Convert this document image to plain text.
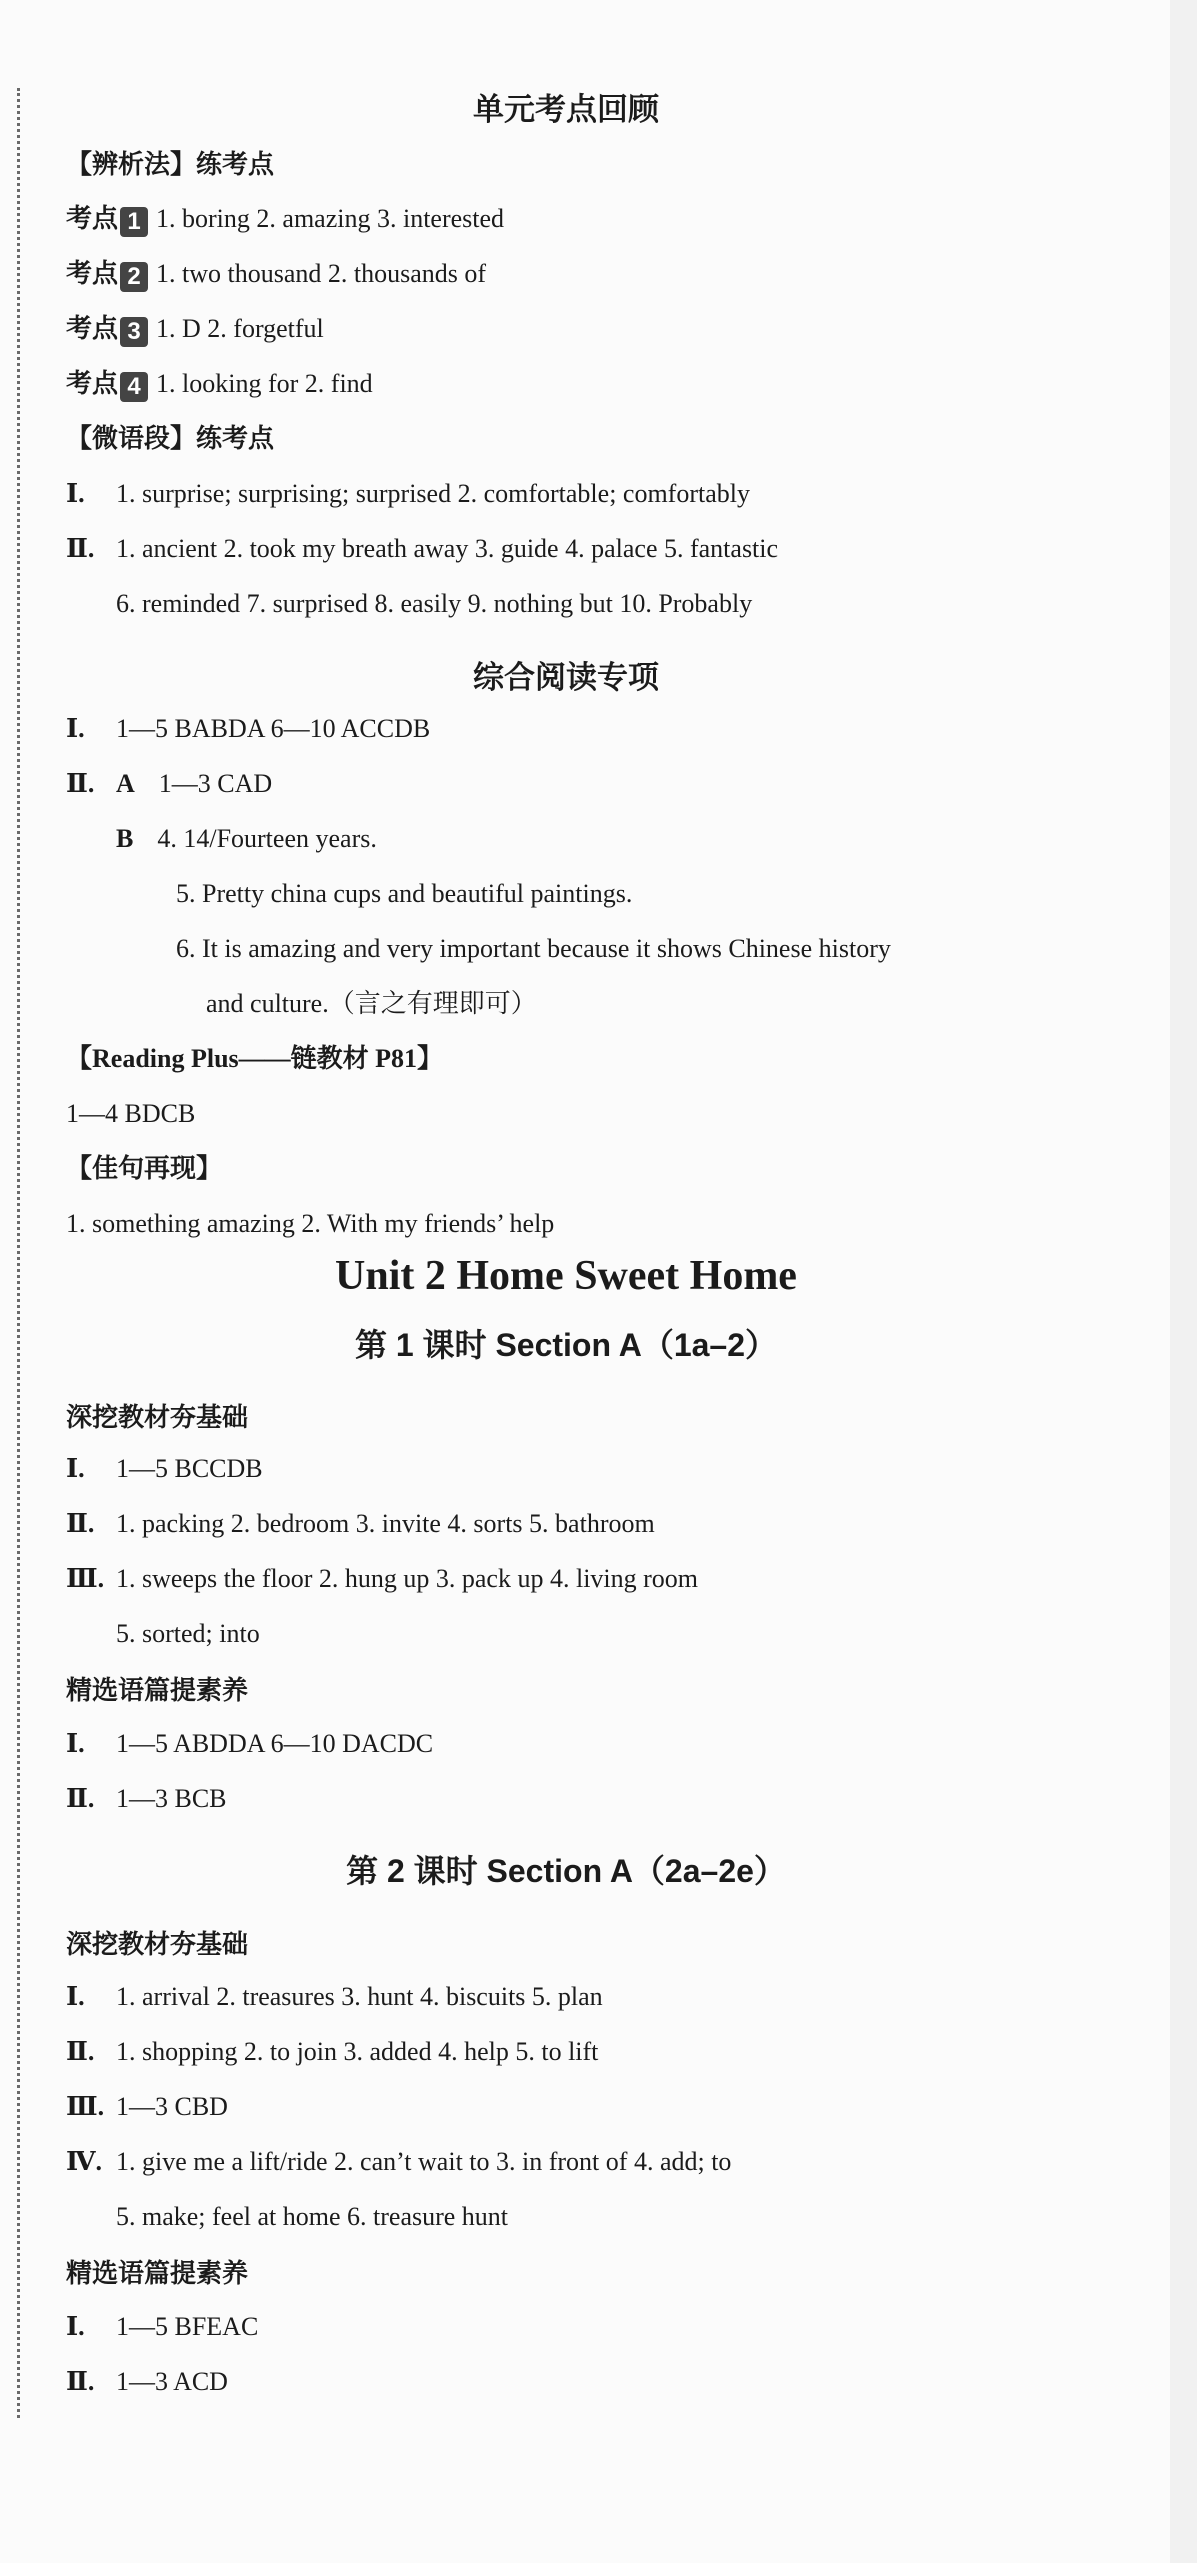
单元考点回顾
【辨析法】练考点
考点 1 1. boring 2. amazing 3. interested
考点 2 1. two thousand 2. thousands of
考点 3 1. D 2. forgetful
考点 4 1. looking for 2. find
【微语段】练考点
Ⅰ. 1. surprise; surprising; surprised 2. comfortable; comfortably
Ⅱ. 1. ancient 2. took my breath away 3. guide 4. palace 5. fantastic
6. reminded 7. surprised 8. easily 9. nothing but 10. Probably
综合阅读专项
Ⅰ. 1—5 BABDA 6—10 ACCDB
Ⅱ. A 1—3 CAD
B 4. 14/Fourteen years.
5. Pretty china cups and beautiful paintings.
6. It is amazing and very important because it shows Chinese history
and culture.（言之有理即可）
【Reading Plus——链教材 P81】
1—4 BDCB
【佳句再现】
1. something amazing 2. With my friends’ help
Unit 2 Home Sweet Home
第 1 课时 Section A（1a–2）
深挖教材夯基础
Ⅰ. 1—5 BCCDB
Ⅱ. 1. packing 2. bedroom 3. invite 4. sorts 5. bathroom
Ⅲ. 1. sweeps the floor 2. hung up 3. pack up 4. living room
5. sorted; into
精选语篇提素养
Ⅰ. 1—5 ABDDA 6—10 DACDC
Ⅱ. 1—3 BCB
第 2 课时 Section A（2a–2e）
深挖教材夯基础
Ⅰ. 1. arrival 2. treasures 3. hunt 4. biscuits 5. plan
Ⅱ. 1. shopping 2. to join 3. added 4. help 5. to lift
Ⅲ. 1—3 CBD
Ⅳ. 1. give me a lift/ride 2. can’t wait to 3. in front of 4. add; to
5. make; feel at home 6. treasure hunt
精选语篇提素养
Ⅰ. 1—5 BFEAC
Ⅱ. 1—3 ACD
